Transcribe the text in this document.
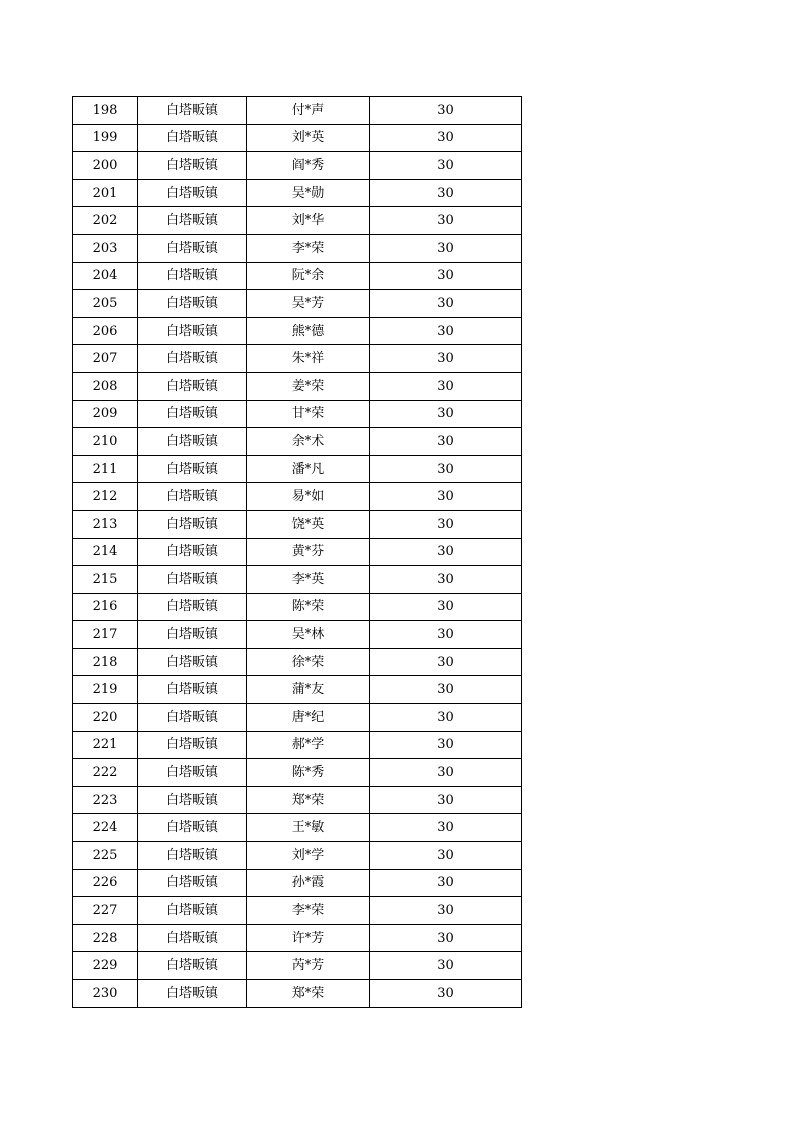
198	白塔畈镇	付*声	30
199	白塔畈镇	刘*英	30
200	白塔畈镇	阎*秀	30
201	白塔畈镇	吴*勋	30
202	白塔畈镇	刘*华	30
203	白塔畈镇	李*荣	30
204	白塔畈镇	阮*余	30
205	白塔畈镇	吴*芳	30
206	白塔畈镇	熊*德	30
207	白塔畈镇	朱*祥	30
208	白塔畈镇	姜*荣	30
209	白塔畈镇	甘*荣	30
210	白塔畈镇	余*术	30
211	白塔畈镇	潘*凡	30
212	白塔畈镇	易*如	30
213	白塔畈镇	饶*英	30
214	白塔畈镇	黄*芬	30
215	白塔畈镇	李*英	30
216	白塔畈镇	陈*荣	30
217	白塔畈镇	吴*林	30
218	白塔畈镇	徐*荣	30
219	白塔畈镇	蒲*友	30
220	白塔畈镇	唐*纪	30
221	白塔畈镇	郝*学	30
222	白塔畈镇	陈*秀	30
223	白塔畈镇	郑*荣	30
224	白塔畈镇	王*敏	30
225	白塔畈镇	刘*学	30
226	白塔畈镇	孙*霞	30
227	白塔畈镇	李*荣	30
228	白塔畈镇	许*芳	30
229	白塔畈镇	芮*芳	30
230	白塔畈镇	郑*荣	30
